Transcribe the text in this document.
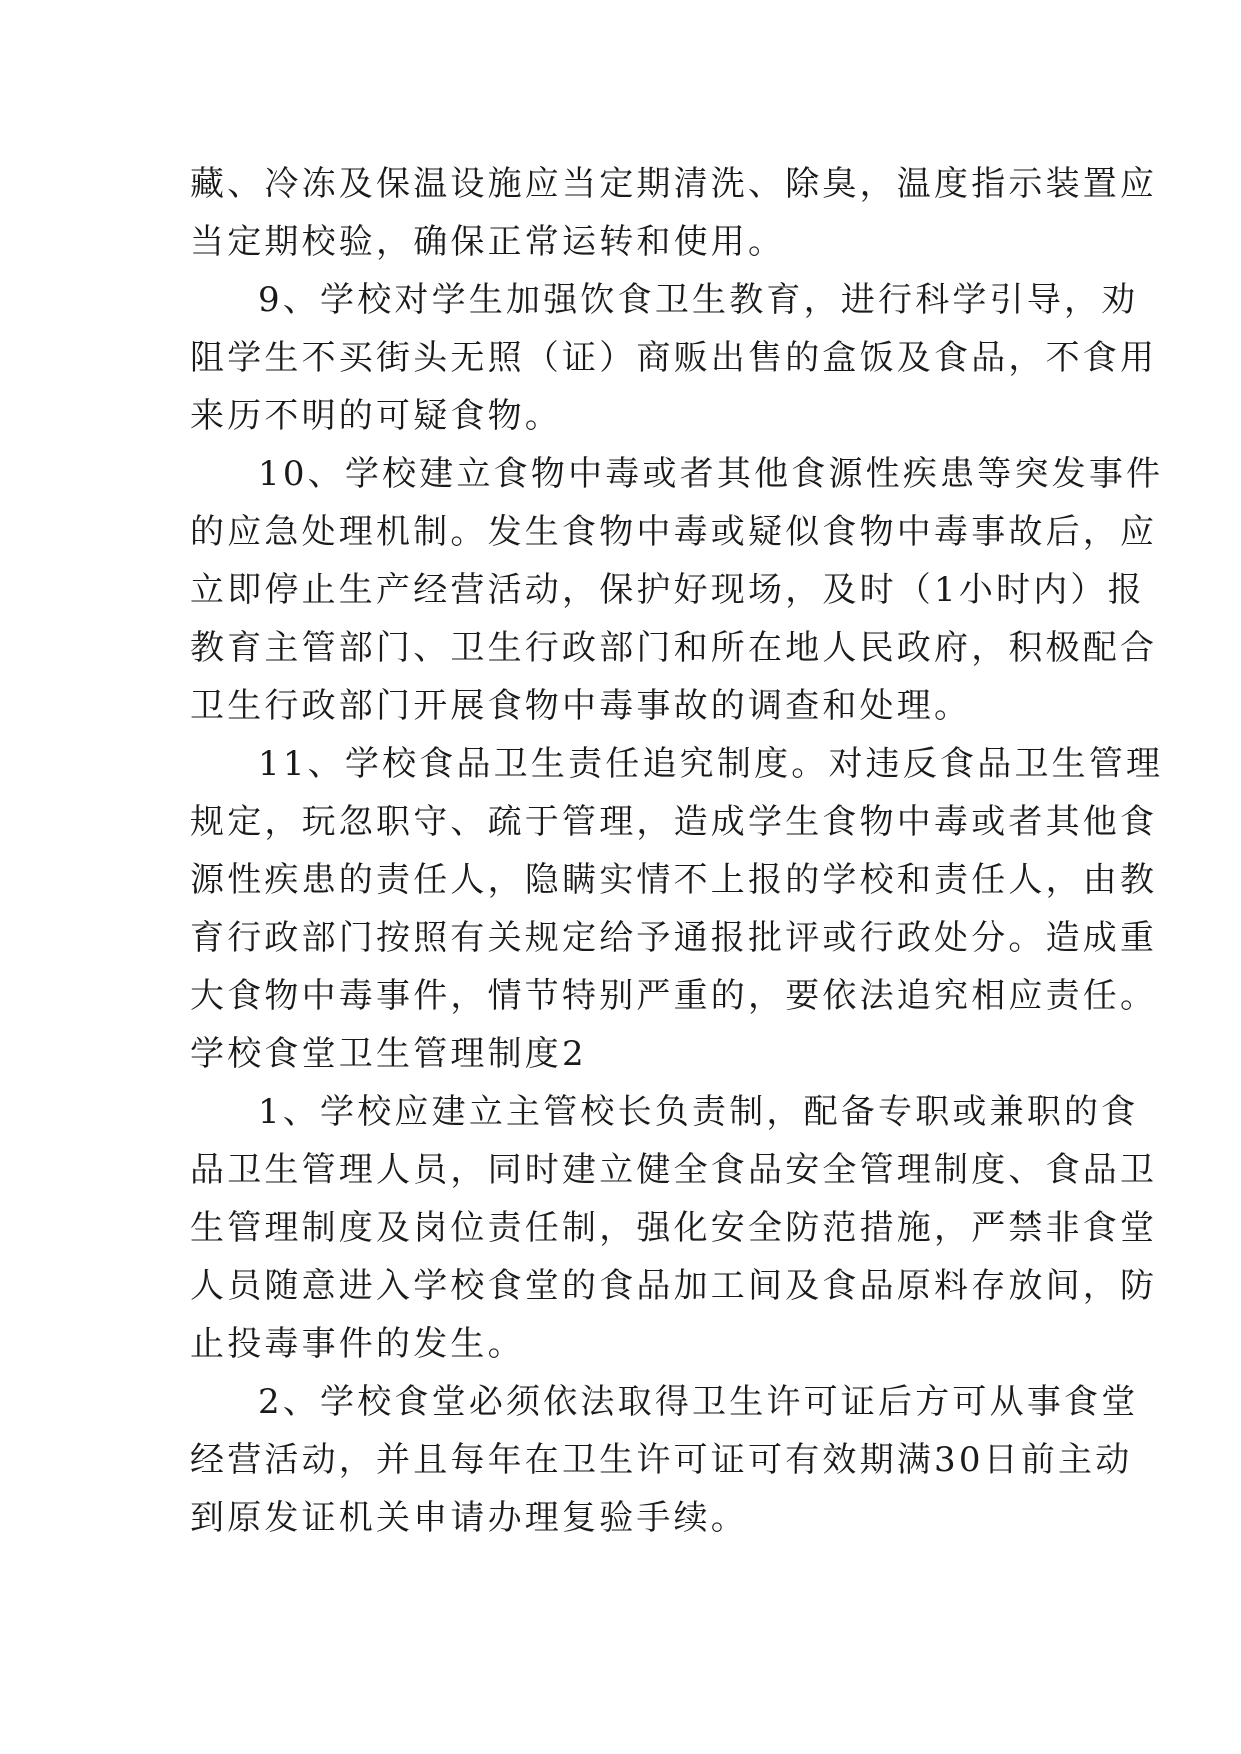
藏、冷冻及保温设施应当定期清洗、除臭，温度指示装置应
当定期校验，确保正常运转和使用。
9、学校对学生加强饮食卫生教育，进行科学引导，劝
阻学生不买街头无照（证）商贩出售的盒饭及食品，不食用
来历不明的可疑食物。
10、学校建立食物中毒或者其他食源性疾患等突发事件
的应急处理机制。发生食物中毒或疑似食物中毒事故后，应
立即停止生产经营活动，保护好现场，及时（1小时内）报
教育主管部门、卫生行政部门和所在地人民政府，积极配合
卫生行政部门开展食物中毒事故的调查和处理。
11、学校食品卫生责任追究制度。对违反食品卫生管理
规定，玩忽职守、疏于管理，造成学生食物中毒或者其他食
源性疾患的责任人，隐瞒实情不上报的学校和责任人，由教
育行政部门按照有关规定给予通报批评或行政处分。造成重
大食物中毒事件，情节特别严重的，要依法追究相应责任。
学校食堂卫生管理制度2
1、学校应建立主管校长负责制，配备专职或兼职的食
品卫生管理人员，同时建立健全食品安全管理制度、食品卫
生管理制度及岗位责任制，强化安全防范措施，严禁非食堂
人员随意进入学校食堂的食品加工间及食品原料存放间，防
止投毒事件的发生。
2、学校食堂必须依法取得卫生许可证后方可从事食堂
经营活动，并且每年在卫生许可证可有效期满30日前主动
到原发证机关申请办理复验手续。
